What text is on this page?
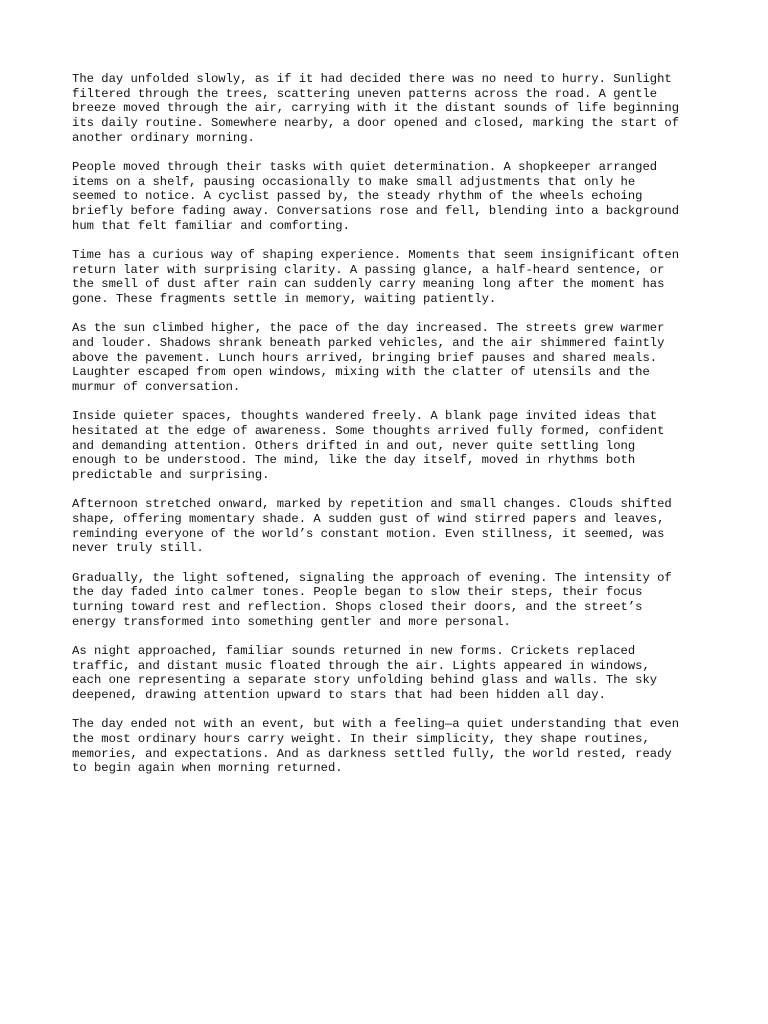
The day unfolded slowly, as if it had decided there was no need to hurry. Sunlight
filtered through the trees, scattering uneven patterns across the road. A gentle
breeze moved through the air, carrying with it the distant sounds of life beginning
its daily routine. Somewhere nearby, a door opened and closed, marking the start of
another ordinary morning.

People moved through their tasks with quiet determination. A shopkeeper arranged
items on a shelf, pausing occasionally to make small adjustments that only he
seemed to notice. A cyclist passed by, the steady rhythm of the wheels echoing
briefly before fading away. Conversations rose and fell, blending into a background
hum that felt familiar and comforting.

Time has a curious way of shaping experience. Moments that seem insignificant often
return later with surprising clarity. A passing glance, a half-heard sentence, or
the smell of dust after rain can suddenly carry meaning long after the moment has
gone. These fragments settle in memory, waiting patiently.

As the sun climbed higher, the pace of the day increased. The streets grew warmer
and louder. Shadows shrank beneath parked vehicles, and the air shimmered faintly
above the pavement. Lunch hours arrived, bringing brief pauses and shared meals.
Laughter escaped from open windows, mixing with the clatter of utensils and the
murmur of conversation.

Inside quieter spaces, thoughts wandered freely. A blank page invited ideas that
hesitated at the edge of awareness. Some thoughts arrived fully formed, confident
and demanding attention. Others drifted in and out, never quite settling long
enough to be understood. The mind, like the day itself, moved in rhythms both
predictable and surprising.

Afternoon stretched onward, marked by repetition and small changes. Clouds shifted
shape, offering momentary shade. A sudden gust of wind stirred papers and leaves,
reminding everyone of the world’s constant motion. Even stillness, it seemed, was
never truly still.

Gradually, the light softened, signaling the approach of evening. The intensity of
the day faded into calmer tones. People began to slow their steps, their focus
turning toward rest and reflection. Shops closed their doors, and the street’s
energy transformed into something gentler and more personal.

As night approached, familiar sounds returned in new forms. Crickets replaced
traffic, and distant music floated through the air. Lights appeared in windows,
each one representing a separate story unfolding behind glass and walls. The sky
deepened, drawing attention upward to stars that had been hidden all day.

The day ended not with an event, but with a feeling—a quiet understanding that even
the most ordinary hours carry weight. In their simplicity, they shape routines,
memories, and expectations. And as darkness settled fully, the world rested, ready
to begin again when morning returned.
